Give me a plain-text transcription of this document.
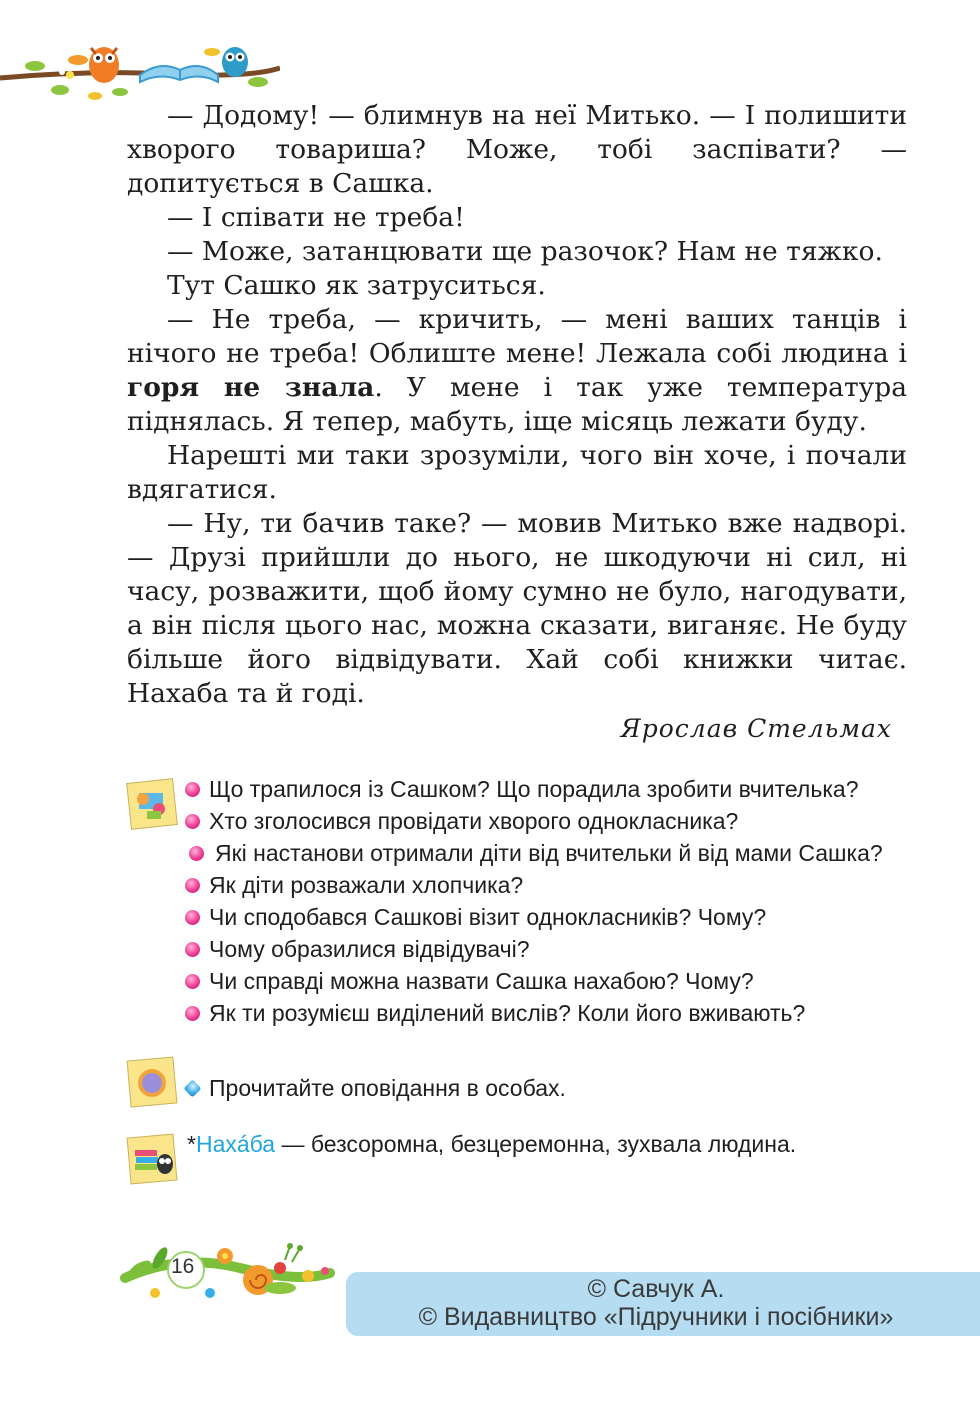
— Додому! — блимнув на неї Митько. — І полишити хворого товариша? Може, тобі заспівати? — допитується в Сашка.

— І співати не треба!

— Може, затанцювати ще разочок? Нам не тяжко.

Тут Сашко як затруситься.

— Не треба, — кричить, — мені ваших танців і нічого не треба! Облиште мене! Лежала собі людина і горя не знала. У мене і так уже температура піднялась. Я тепер, мабуть, іще місяць лежати буду.

Нарешті ми таки зрозуміли, чого він хоче, і почали вдягатися.

— Ну, ти бачив таке? — мовив Митько вже надворі. — Друзі прийшли до нього, не шкодуючи ні сил, ні часу, розважити, щоб йому сумно не було, нагодувати, а він після цього нас, можна сказати, виганяє. Не буду більше його відвідувати. Хай собі книжки читає. Нахаба та й годі.

Ярослав Стельмах
Що трапилося із Сашком? Що порадила зробити вчителька?
Хто зголосився провідати хворого однокласника?
Які настанови отримали діти від вчительки й від мами Сашка?
Як діти розважали хлопчика?
Чи сподобався Сашкові візит однокласників? Чому?
Чому образилися відвідувачі?
Чи справді можна назвати Сашка нахабою? Чому?
Як ти розумієш виділений вислів? Коли його вживають?
Прочитайте оповідання в особах.
*Нахáба — безсоромна, безцеремонна, зухвала людина.
16
© Савчук А.
© Видавництво «Підручники і посібники»
